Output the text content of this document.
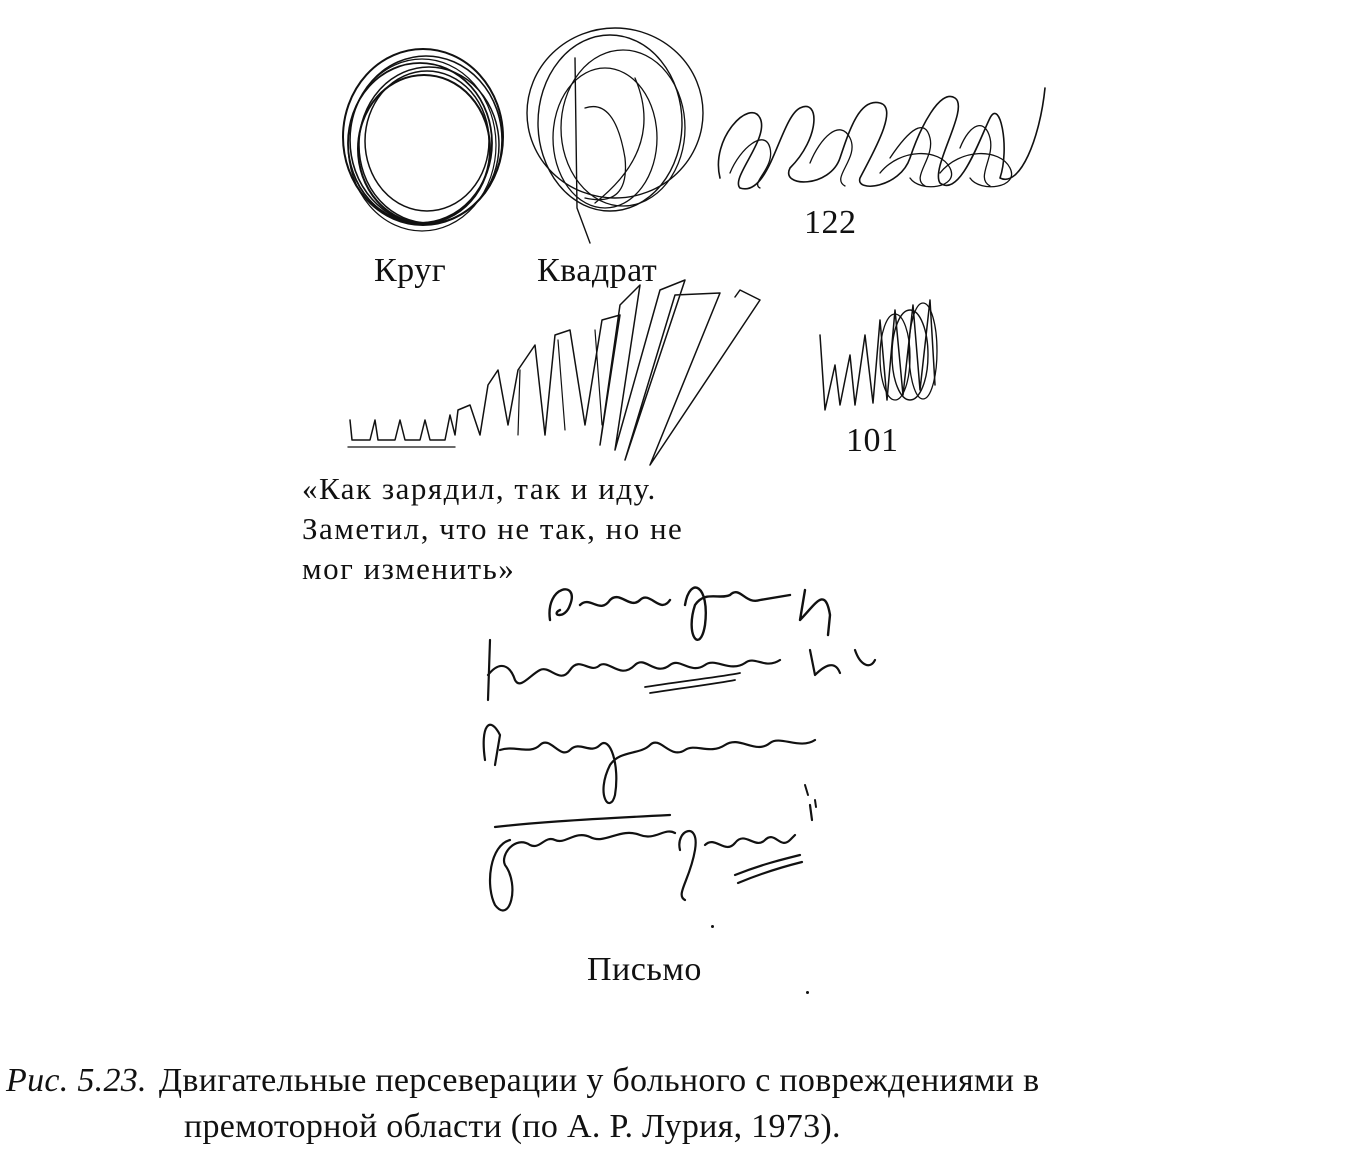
Круг	Квадрат
122
101
«Как зарядил, так и иду.
Заметил, что не так, но не
мог изменить»
Письмо
Рис. 5.23. Двигательные персеверации у больного с повреждениями в
премоторной области (по А. Р. Лурия, 1973).
